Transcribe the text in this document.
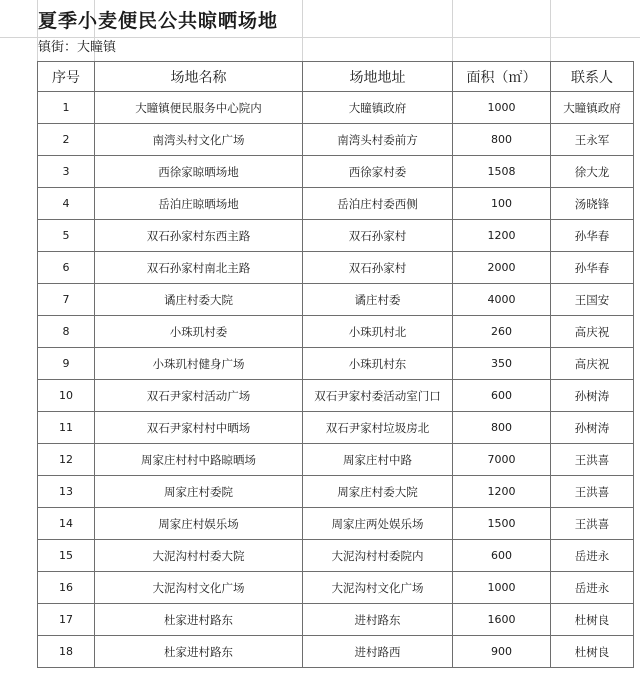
夏季小麦便民公共晾晒场地
镇街：大瞳镇
序号	场地名称	场地地址	面积（㎡）	联系人
1	大瞳镇便民服务中心院内	大瞳镇政府	1000	大瞳镇政府
2	南湾头村文化广场	南湾头村委前方	800	王永军
3	西徐家晾晒场地	西徐家村委	1508	徐大龙
4	岳泊庄晾晒场地	岳泊庄村委西侧	100	汤晓锋
5	双石孙家村东西主路	双石孙家村	1200	孙华春
6	双石孙家村南北主路	双石孙家村	2000	孙华春
7	谲庄村委大院	谲庄村委	4000	王国安
8	小珠玑村委	小珠玑村北	260	高庆祝
9	小珠玑村健身广场	小珠玑村东	350	高庆祝
10	双石尹家村活动广场	双石尹家村委活动室门口	600	孙树涛
11	双石尹家村村中晒场	双石尹家村垃圾房北	800	孙树涛
12	周家庄村村中路晾晒场	周家庄村中路	7000	王洪喜
13	周家庄村委院	周家庄村委大院	1200	王洪喜
14	周家庄村娱乐场	周家庄两处娱乐场	1500	王洪喜
15	大泥沟村村委大院	大泥沟村村委院内	600	岳进永
16	大泥沟村文化广场	大泥沟村文化广场	1000	岳进永
17	杜家进村路东	进村路东	1600	杜树良
18	杜家进村路东	进村路西	900	杜树良
